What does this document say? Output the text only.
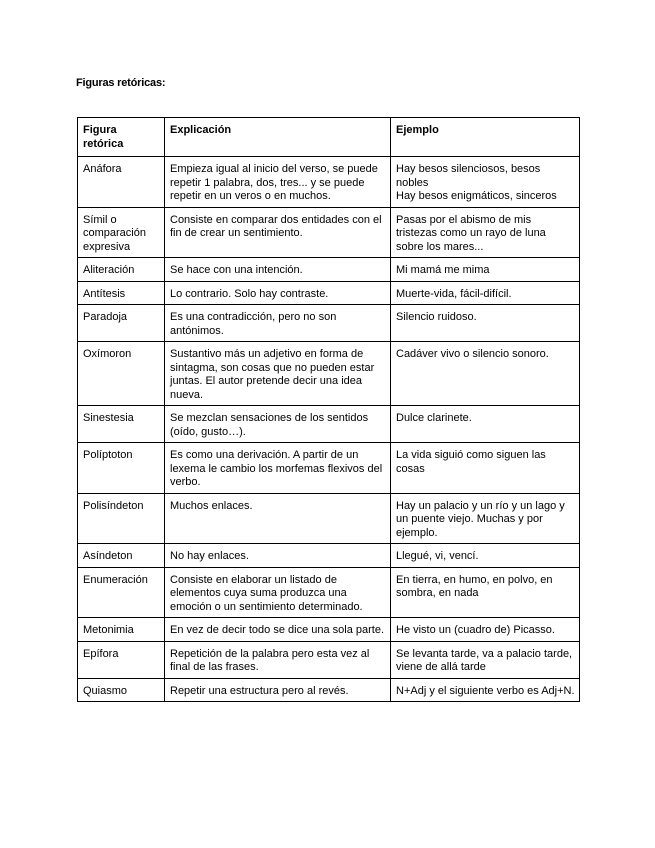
Figuras retóricas:
Figura retórica	Explicación	Ejemplo
Anáfora	Empieza igual al inicio del verso, se puede repetir 1 palabra, dos, tres... y se puede repetir en un veros o en muchos.	Hay besos silenciosos, besos nobles
Hay besos enigmáticos, sinceros

Símil o comparación expresiva	Consiste en comparar dos entidades con el fin de crear un sentimiento.	Pasas por el abismo de mis tristezas como un rayo de luna sobre los mares...

Aliteración	Se hace con una intención.	Mi mamá me mima

Antítesis	Lo contrario. Solo hay contraste.	Muerte-vida, fácil-difícil.

Paradoja	Es una contradicción, pero no son antónimos.	Silencio ruidoso.

Oxímoron	Sustantivo más un adjetivo en forma de sintagma, son cosas que no pueden estar juntas. El autor pretende decir una idea nueva.	Cadáver vivo o silencio sonoro.

Sinestesia	Se mezclan sensaciones de los sentidos (oído, gusto…).	Dulce clarinete.

Políptoton	Es como una derivación. A partir de un lexema le cambio los morfemas flexivos del verbo.	La vida siguió como siguen las cosas

Polisíndeton	Muchos enlaces.	Hay un palacio y un río y un lago y un puente viejo. Muchas y por ejemplo.

Asíndeton	No hay enlaces.	Llegué, vi, vencí.

Enumeración	Consiste en elaborar un listado de elementos cuya suma produzca una emoción o un sentimiento determinado.	En tierra, en humo, en polvo, en sombra, en nada

Metonimia	En vez de decir todo se dice una sola parte.	He visto un (cuadro de) Picasso.

Epífora	Repetición de la palabra pero esta vez al final de las frases.	Se levanta tarde, va a palacio tarde, viene de allá tarde

Quiasmo	Repetir una estructura pero al revés.	N+Adj y el siguiente verbo es Adj+N.
